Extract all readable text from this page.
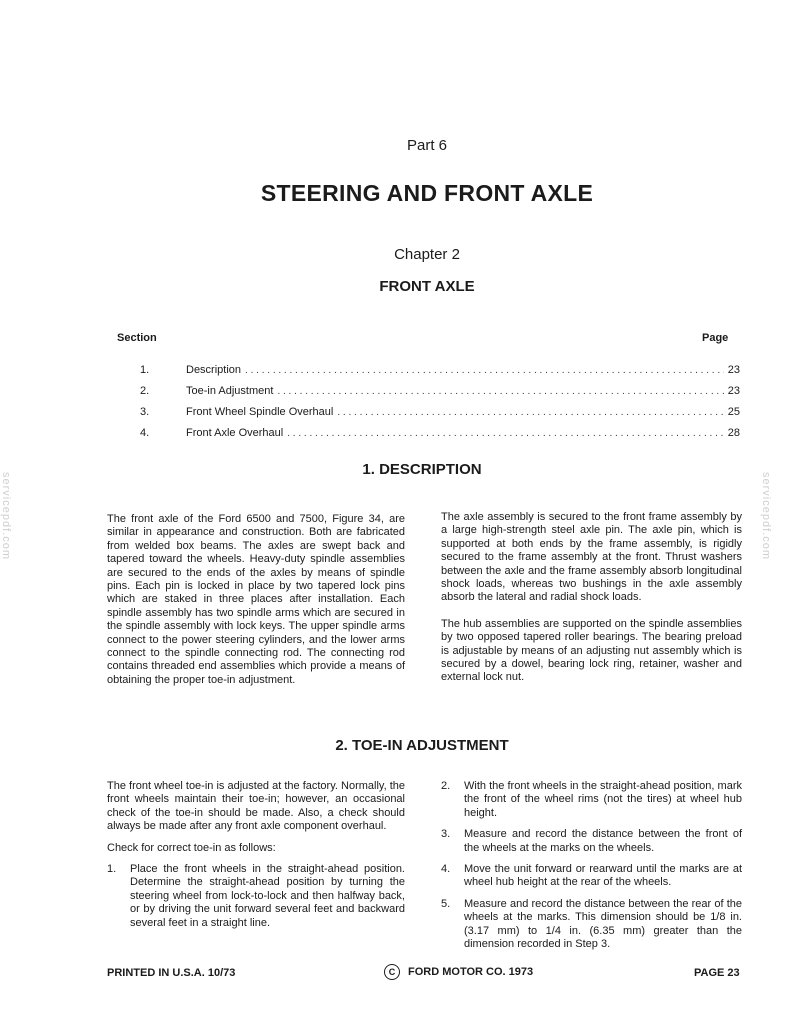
Part 6
STEERING AND FRONT AXLE
Chapter 2
FRONT AXLE
servicepdf.com	servicepdf.com
Section	Page
1.	Description . . .	23
2.	Toe-in Adjustment . . .	23
3.	Front Wheel Spindle Overhaul . . .	25
4.	Front Axle Overhaul . . .	28
1. DESCRIPTION

The front axle of the Ford 6500 and 7500, Figure 34, are similar in appearance and construction. Both are fabricated from welded box beams. The axles are swept back and tapered toward the wheels. Heavy-duty spindle assemblies are secured to the ends of the axles by means of spindle pins. Each pin is locked in place by two tapered lock pins which are staked in three places after installation. Each spindle assembly has two spindle arms which are secured in the spindle assembly with lock keys. The upper spindle arms connect to the power steering cylinders, and the lower arms connect to the spindle connecting rod. The connecting rod contains threaded end assemblies which provide a means of obtaining the proper toe-in adjustment.

The axle assembly is secured to the front frame assembly by a large high-strength steel axle pin. The axle pin, which is supported at both ends by the frame assembly, is rigidly secured to the frame assembly at the front. Thrust washers between the axle and the frame assembly absorb longitudinal shock loads, whereas two bushings in the axle assembly absorb the lateral and radial shock loads.

The hub assemblies are supported on the spindle assemblies by two opposed tapered roller bearings. The bearing preload is adjustable by means of an adjusting nut assembly which is secured by a dowel, bearing lock ring, retainer, washer and external lock nut.

2. TOE-IN ADJUSTMENT

The front wheel toe-in is adjusted at the factory. Normally, the front wheels maintain their toe-in; however, an occasional check of the toe-in should be made. Also, a check should always be made after any front axle component overhaul.

Check for correct toe-in as follows:

1.	Place the front wheels in the straight-ahead position. Determine the straight-ahead position by turning the steering wheel from lock-to-lock and then halfway back, or by driving the unit forward several feet and backward several feet in a straight line.
2.	With the front wheels in the straight-ahead position, mark the front of the wheel rims (not the tires) at wheel hub height.
3.	Measure and record the distance between the front of the wheels at the marks on the wheels.
4.	Move the unit forward or rearward until the marks are at wheel hub height at the rear of the wheels.
5.	Measure and record the distance between the rear of the wheels at the marks. This dimension should be 1/8 in. (3.17 mm) to 1/4 in. (6.35 mm) greater than the dimension recorded in Step 3.
PRINTED IN U.S.A. 10/73	C FORD MOTOR CO. 1973	PAGE 23
